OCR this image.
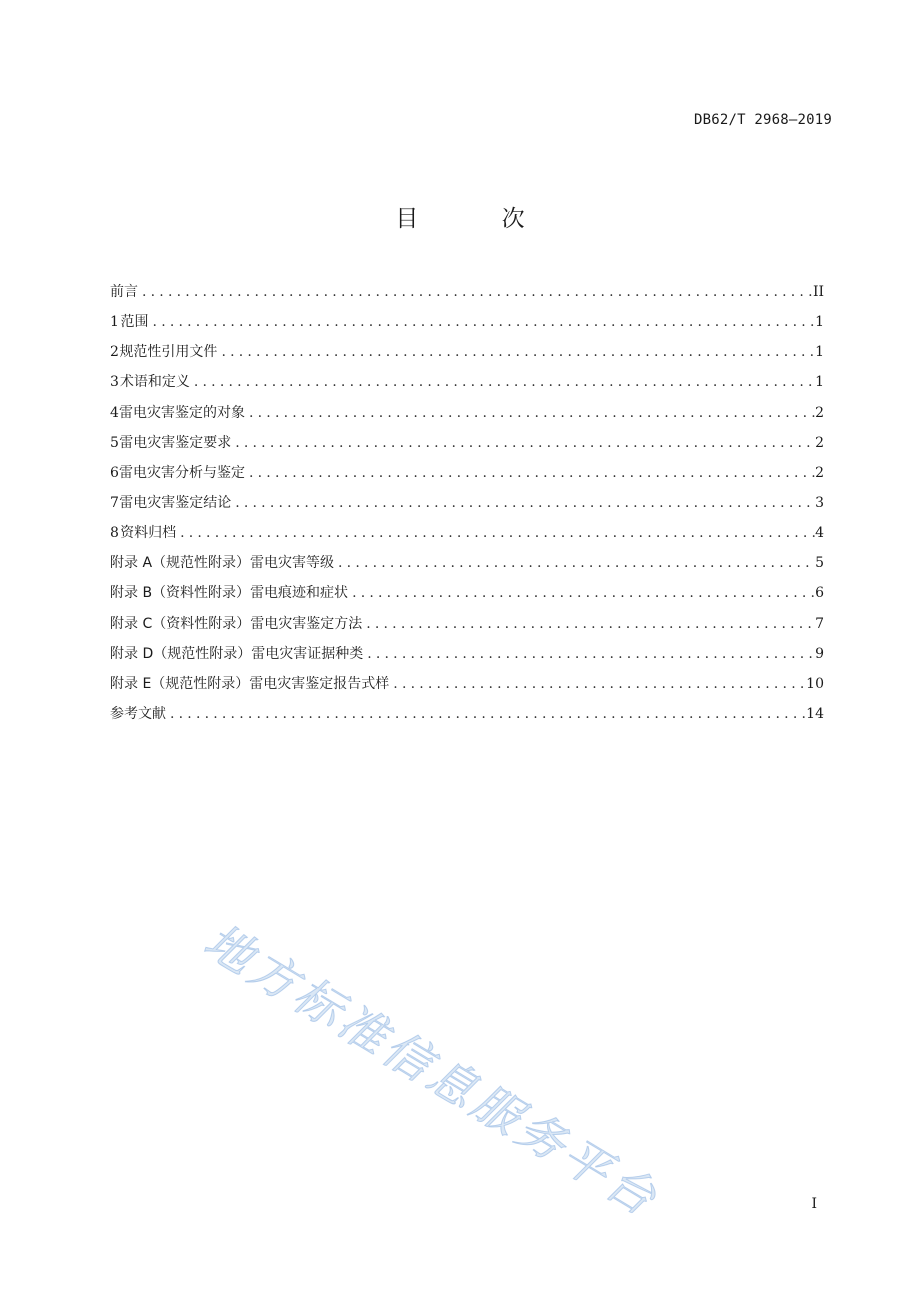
DB62/T 2968—2019
目 次
前言 .....	II
1 范围 .....	1
2 规范性引用文件 .....	1
3 术语和定义 .....	1
4 雷电灾害鉴定的对象 .....	2
5 雷电灾害鉴定要求 .....	2
6 雷电灾害分析与鉴定 .....	2
7 雷电灾害鉴定结论 .....	3
8 资料归档 .....	4
附录 A（规范性附录） 雷电灾害等级 .....	5
附录 B（资料性附录） 雷电痕迹和症状 .....	6
附录 C（资料性附录） 雷电灾害鉴定方法 .....	7
附录 D（规范性附录） 雷电灾害证据种类 .....	9
附录 E（规范性附录） 雷电灾害鉴定报告式样 .....	10
参考文献 .....	14
地方标准信息服务平台	I
